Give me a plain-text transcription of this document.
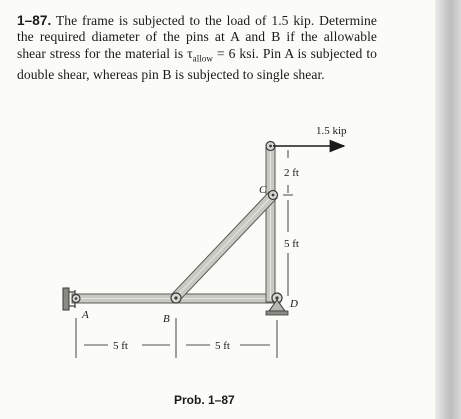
1–87. The frame is subjected to the load of 1.5 kip. Determine the required diameter of the pins at A and B if the allowable shear stress for the material is $\tau_{allow} = 6$ ksi. Pin A is subjected to double shear, whereas pin B is subjected to single shear.
1.5 kip
2 ft
5 ft
5 ft	5 ft
A	B
C
D
Prob. 1–87
